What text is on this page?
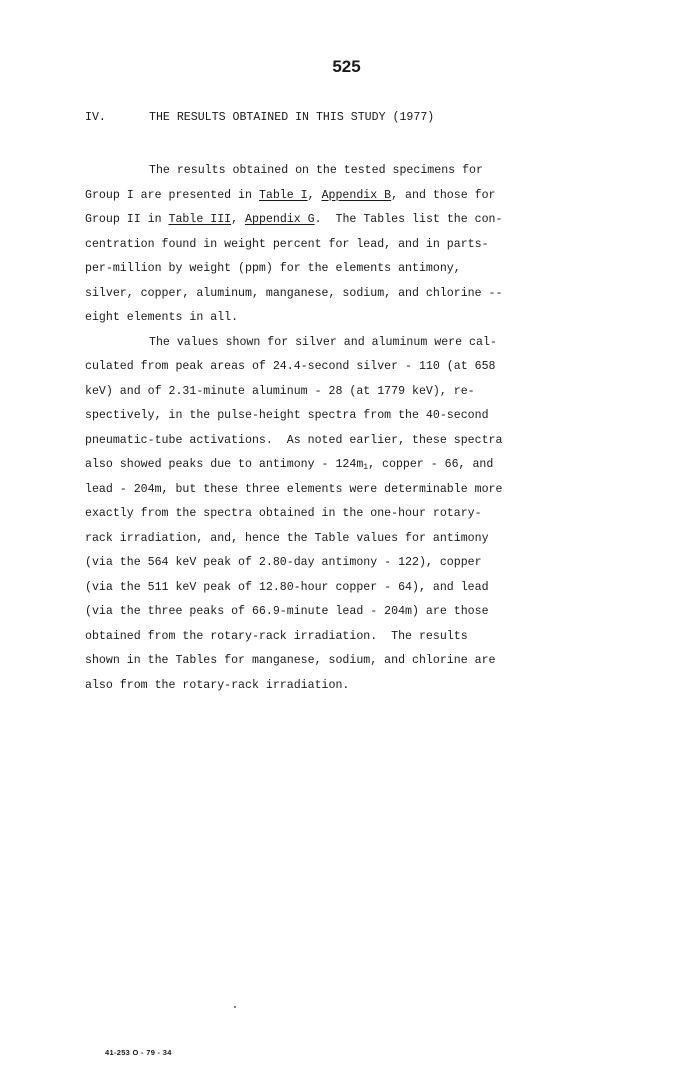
525
IV.	THE RESULTS OBTAINED IN THIS STUDY (1977)
The results obtained on the tested specimens for
Group I are presented in Table I, Appendix B, and those for
Group II in Table III, Appendix G.  The Tables list the con-
centration found in weight percent for lead, and in parts-
per-million by weight (ppm) for the elements antimony,
silver, copper, aluminum, manganese, sodium, and chlorine --
eight elements in all.
The values shown for silver and aluminum were cal-
culated from peak areas of 24.4-second silver - 110 (at 658
keV) and of 2.31-minute aluminum - 28 (at 1779 keV), re-
spectively, in the pulse-height spectra from the 40-second
pneumatic-tube activations.  As noted earlier, these spectra
also showed peaks due to antimony - $124m_1$, copper - 66, and
lead - 204m, but these three elements were determinable more
exactly from the spectra obtained in the one-hour rotary-
rack irradiation, and, hence the Table values for antimony
(via the 564 keV peak of 2.80-day antimony - 122), copper
(via the 511 keV peak of 12.80-hour copper - 64), and lead
(via the three peaks of 66.9-minute lead - 204m) are those
obtained from the rotary-rack irradiation.  The results
shown in the Tables for manganese, sodium, and chlorine are
also from the rotary-rack irradiation.
41-253 O - 79 - 34
